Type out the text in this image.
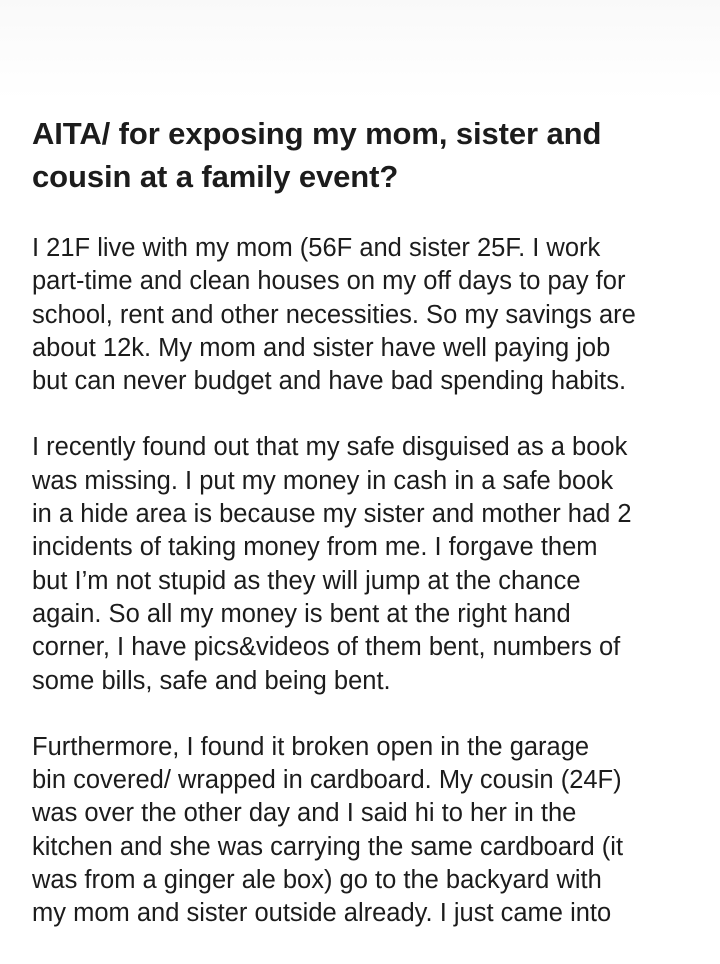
AITA/ for exposing my mom, sister and
cousin at a family event?

I 21F live with my mom (56F and sister 25F. I work
part-time and clean houses on my off days to pay for
school, rent and other necessities. So my savings are
about 12k. My mom and sister have well paying job
but can never budget and have bad spending habits.

I recently found out that my safe disguised as a book
was missing. I put my money in cash in a safe book
in a hide area is because my sister and mother had 2
incidents of taking money from me. I forgave them
but I’m not stupid as they will jump at the chance
again. So all my money is bent at the right hand
corner, I have pics&videos of them bent, numbers of
some bills, safe and being bent.

Furthermore, I found it broken open in the garage
bin covered/ wrapped in cardboard. My cousin (24F)
was over the other day and I said hi to her in the
kitchen and she was carrying the same cardboard (it
was from a ginger ale box) go to the backyard with
my mom and sister outside already. I just came into
